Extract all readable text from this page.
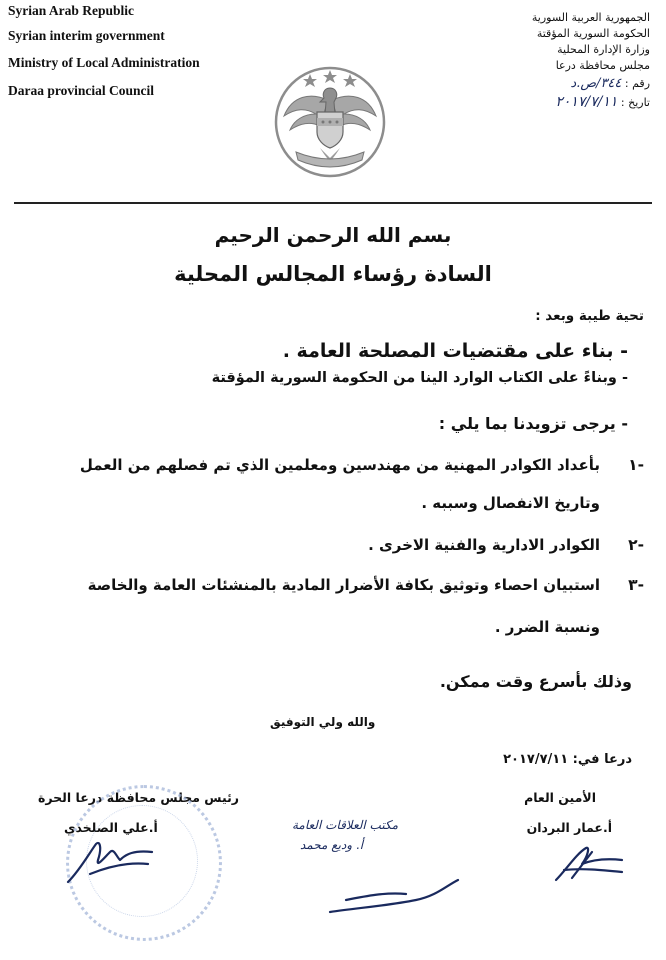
Syrian Arab Republic
Syrian interim government
Ministry of Local Administration
Daraa provincial Council
الجمهورية العربية السورية
الحكومة السورية المؤقتة
وزارة الإدارة المحلية
مجلس محافظة درعا
رقم : ٣٤٤/ص.د
تاريخ : ٢٠١٧/٧/١١
بسم الله الرحمن الرحيم
السادة رؤساء المجالس المحلية
تحية طيبة وبعد :
- بناء على مقتضيات المصلحة العامة .
- وبناءً على الكتاب الوارد الينا من الحكومة السورية المؤقتة
- يرجى تزويدنا بما يلي :
١-
بأعداد الكوادر المهنية من مهندسين ومعلمين الذي تم فصلهم من العمل
وتاريخ الانفصال وسببه .
٢-
الكوادر الادارية والفنية الاخرى .
٣-
استبيان احصاء وتوثيق بكافة الأضرار المادية بالمنشئات العامة والخاصة
ونسبة الضرر .
وذلك بأسرع وقت ممكن.
والله ولي التوفيق
درعا في: ٢٠١٧/٧/١١
الأمين العام
أ.عمار البردان
رئيس مجلس محافظة درعا الحرة
أ.علي الصلخدي	مكتب العلاقات العامة
أ. وديع محمد
